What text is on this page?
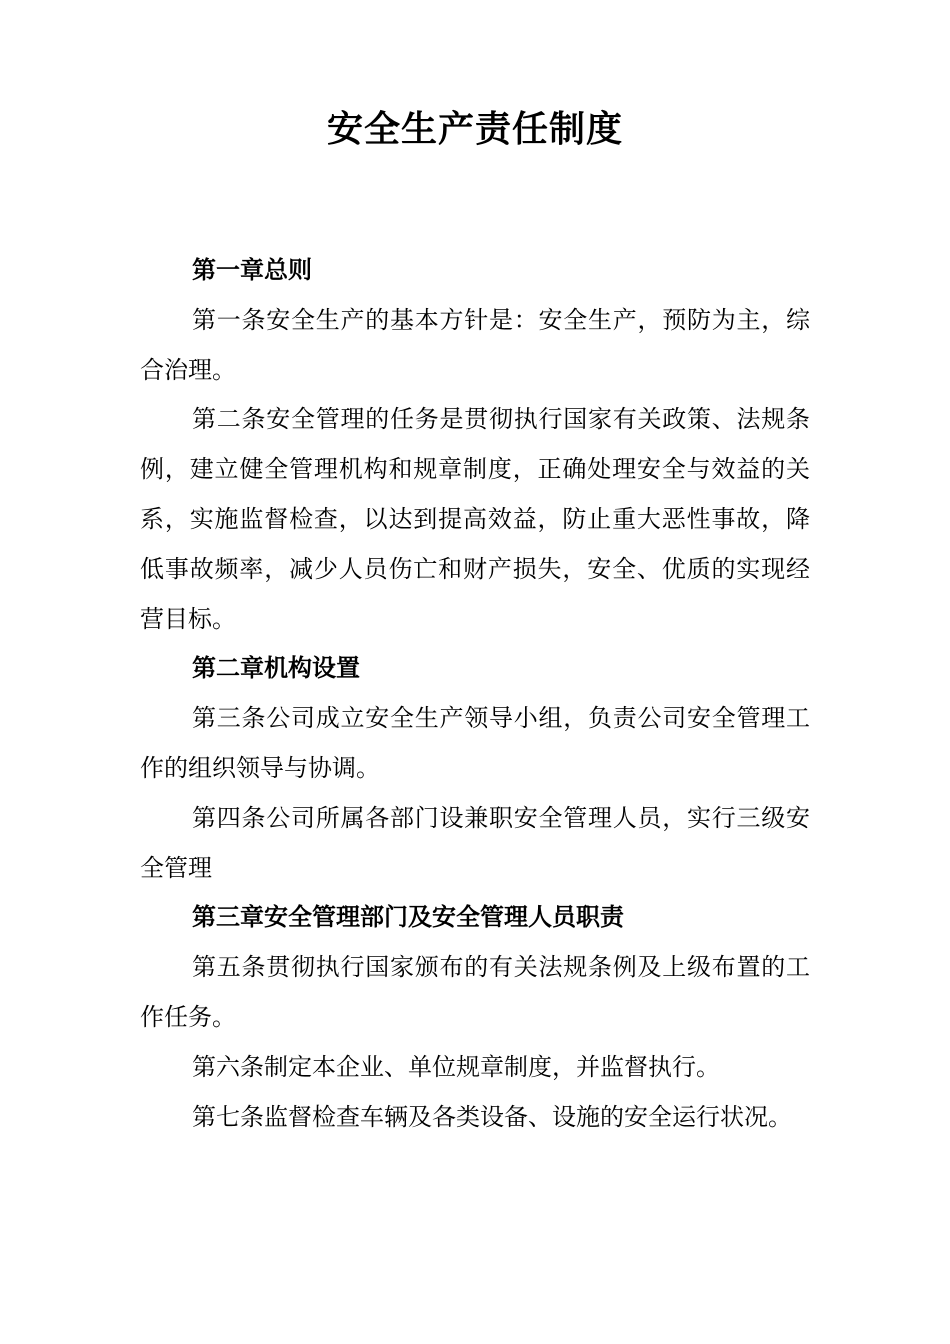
安全生产责任制度

第一章总则

第一条安全生产的基本方针是：安全生产，预防为主，综合治理。

第二条安全管理的任务是贯彻执行国家有关政策、法规条例，建立健全管理机构和规章制度，正确处理安全与效益的关系，实施监督检查，以达到提高效益，防止重大恶性事故，降低事故频率，减少人员伤亡和财产损失，安全、优质的实现经营目标。

第二章机构设置

第三条公司成立安全生产领导小组，负责公司安全管理工作的组织领导与协调。

第四条公司所属各部门设兼职安全管理人员，实行三级安全管理

第三章安全管理部门及安全管理人员职责

第五条贯彻执行国家颁布的有关法规条例及上级布置的工作任务。

第六条制定本企业、单位规章制度，并监督执行。

第七条监督检查车辆及各类设备、设施的安全运行状况。
